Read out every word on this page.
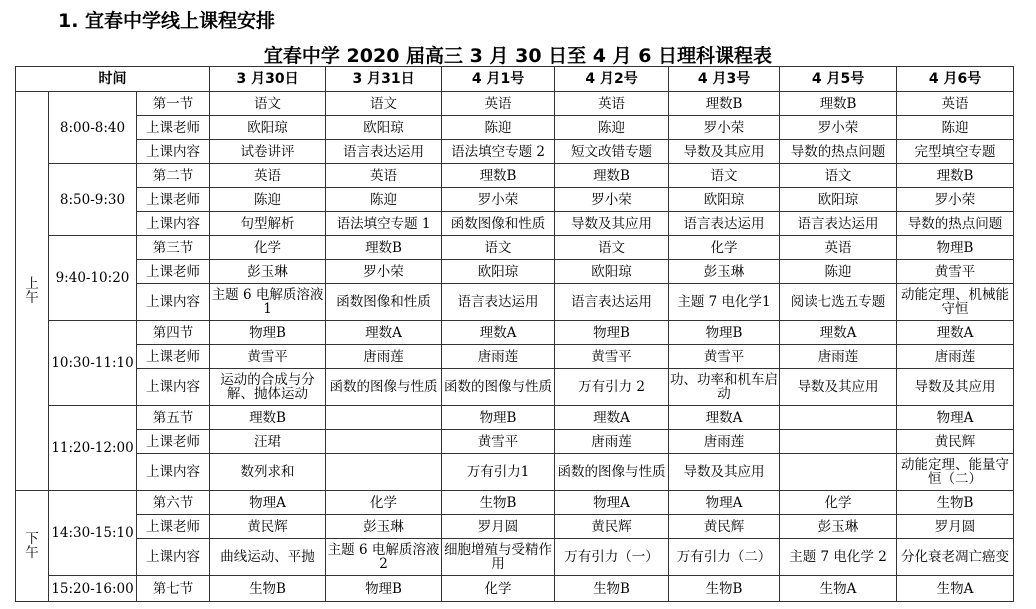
1. 宜春中学线上课程安排
宜春中学 2020 届高三 3 月 30 日至 4 月 6 日理科课程表
时间			3 月30日	3 月31日	4 月1号	4 月2号	4 月3号	4 月5号	4 月6号
上
午	8:00-8:40	第一节	语文	语文	英语	英语	理数B	理数B	英语
		上课老师	欧阳琼	欧阳琼	陈迎	陈迎	罗小荣	罗小荣	陈迎
		上课内容	试卷讲评	语言表达运用	语法填空专题 2	短文改错专题	导数及其应用	导数的热点问题	完型填空专题
	8:50-9:30	第二节	英语	英语	理数B	理数B	语文	语文	理数B
		上课老师	陈迎	陈迎	罗小荣	罗小荣	欧阳琼	欧阳琼	罗小荣
		上课内容	句型解析	语法填空专题 1	函数图像和性质	导数及其应用	语言表达运用	语言表达运用	导数的热点问题
	9:40-10:20	第三节	化学	理数B	语文	语文	化学	英语	物理B
		上课老师	彭玉琳	罗小荣	欧阳琼	欧阳琼	彭玉琳	陈迎	黄雪平
		上课内容	主题 6 电解质溶液1	函数图像和性质	语言表达运用	语言表达运用	主题 7 电化学1	阅读七选五专题	动能定理、机械能守恒
	10:30-11:10	第四节	物理B	理数A	理数A	物理B	物理B	理数A	理数A
		上课老师	黄雪平	唐雨莲	唐雨莲	黄雪平	黄雪平	唐雨莲	唐雨莲
		上课内容	运动的合成与分解、抛体运动	函数的图像与性质	函数的图像与性质	万有引力 2	功、功率和机车启动	导数及其应用	导数及其应用
	11:20-12:00	第五节	理数B		物理B	理数A	理数A		物理A
		上课老师	汪珺		黄雪平	唐雨莲	唐雨莲		黄民辉
		上课内容	数列求和		万有引力1	函数的图像与性质	导数及其应用		动能定理、能量守恒（二）
下
午	14:30-15:10	第六节	物理A	化学	生物B	物理A	物理A	化学	生物B
		上课老师	黄民辉	彭玉琳	罗月圆	黄民辉	黄民辉	彭玉琳	罗月圆
		上课内容	曲线运动、平抛	主题 6 电解质溶液 2	细胞增殖与受精作用	万有引力（一）	万有引力（二）	主题 7 电化学 2	分化衰老凋亡癌变
	15:20-16:00	第七节	生物B	物理B	化学	生物B	生物B	生物A	生物A
